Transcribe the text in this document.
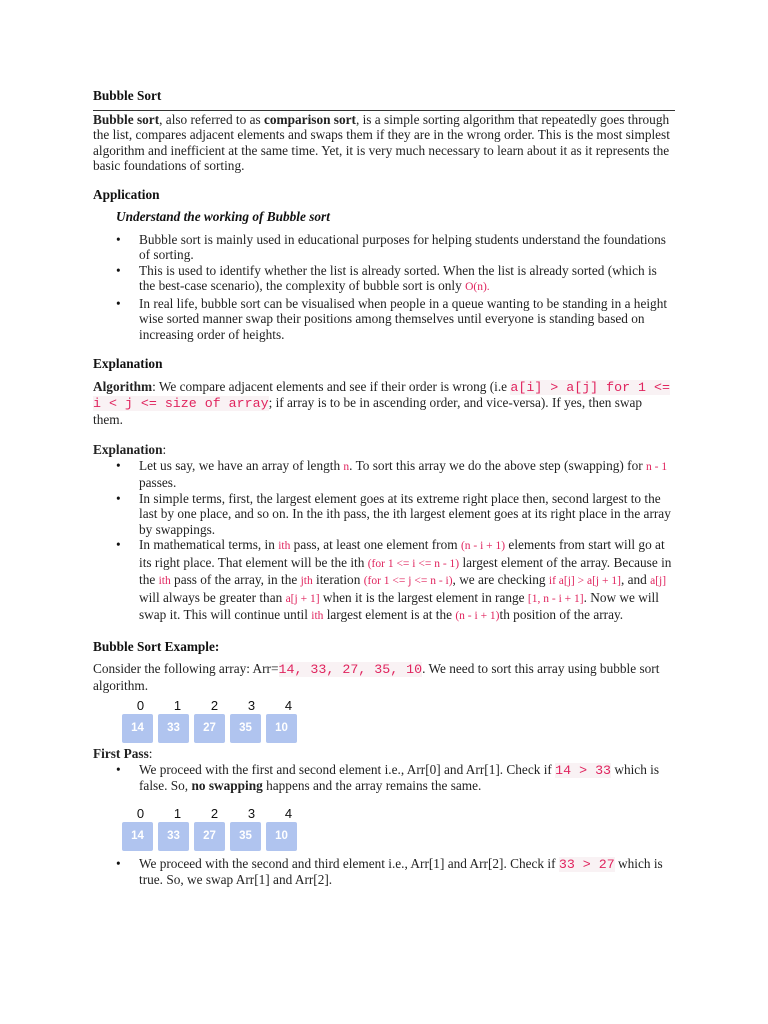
Bubble Sort

Bubble sort, also referred to as comparison sort, is a simple sorting algorithm that repeatedly goes through the list, compares adjacent elements and swaps them if they are in the wrong order. This is the most simplest algorithm and inefficient at the same time. Yet, it is very much necessary to learn about it as it represents the basic foundations of sorting.

Application
Understand the working of Bubble sort
• Bubble sort is mainly used in educational purposes for helping students understand the foundations of sorting.
• This is used to identify whether the list is already sorted. When the list is already sorted (which is the best-case scenario), the complexity of bubble sort is only O(n).
• In real life, bubble sort can be visualised when people in a queue wanting to be standing in a height wise sorted manner swap their positions among themselves until everyone is standing based on increasing order of heights.
Explanation

Algorithm: We compare adjacent elements and see if their order is wrong (i.e a[i] > a[j] for 1 <= i < j <= size of array; if array is to be in ascending order, and vice-versa). If yes, then swap them.

Explanation:

• Let us say, we have an array of length n. To sort this array we do the above step (swapping) for n - 1 passes.
• In simple terms, first, the largest element goes at its extreme right place then, second largest to the last by one place, and so on. In the ith pass, the ith largest element goes at its right place in the array by swappings.
• In mathematical terms, in ith pass, at least one element from (n - i + 1) elements from start will go at its right place. That element will be the ith (for 1 <= i <= n - 1) largest element of the array. Because in the ith pass of the array, in the jth iteration (for 1 <= j <= n - i), we are checking if a[j] > a[j + 1], and a[j] will always be greater than a[j + 1] when it is the largest element in range [1, n - i + 1]. Now we will swap it. This will continue until ith largest element is at the (n - i + 1)th position of the array.
Bubble Sort Example:

Consider the following array: Arr=14, 33, 27, 35, 10. We need to sort this array using bubble sort algorithm.

0 1 2 3 4
14 33 27 35 10

First Pass:

• We proceed with the first and second element i.e., Arr[0] and Arr[1]. Check if 14 > 33 which is false. So, no swapping happens and the array remains the same.
0 1 2 3 4
14 33 27 35 10
• We proceed with the second and third element i.e., Arr[1] and Arr[2]. Check if 33 > 27 which is true. So, we swap Arr[1] and Arr[2].
